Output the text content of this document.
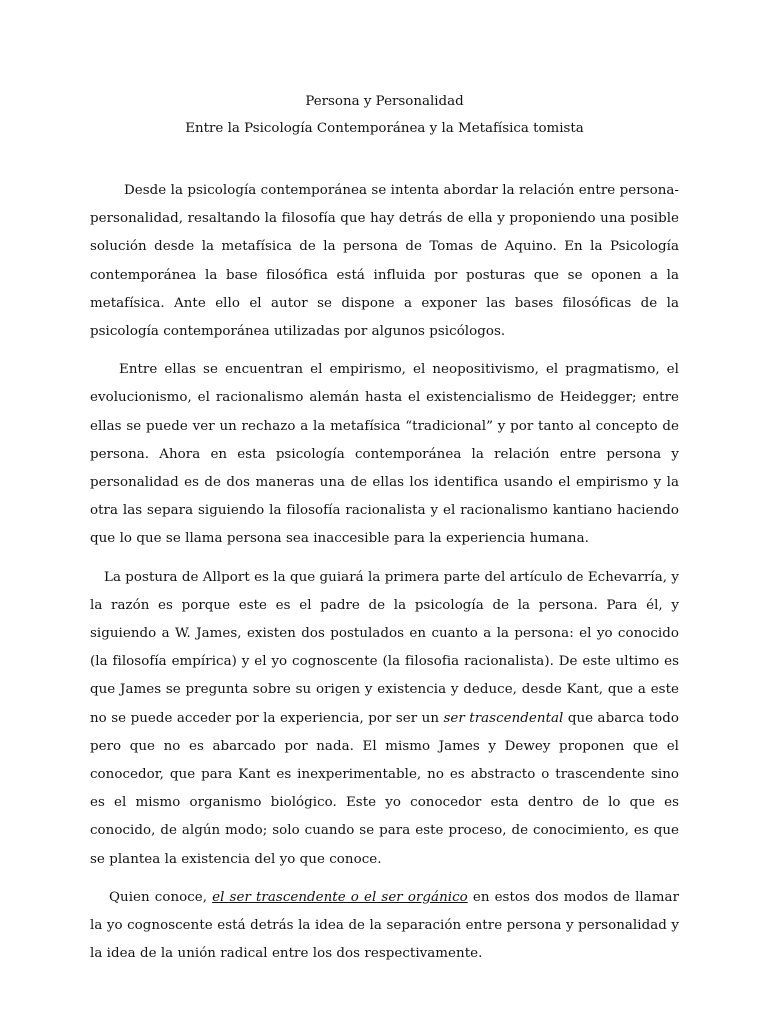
Persona y Personalidad

Entre la Psicología Contemporánea y la Metafísica tomista

Desde la psicología contemporánea se intenta abordar la relación entre persona-personalidad, resaltando la filosofía que hay detrás de ella y proponiendo una posible solución desde la metafísica de la persona de Tomas de Aquino. En la Psicología contemporánea la base filosófica está influida por posturas que se oponen a la metafísica. Ante ello el autor se dispone a exponer las bases filosóficas de la psicología contemporánea utilizadas por algunos psicólogos.

Entre ellas se encuentran el empirismo, el neopositivismo, el pragmatismo, el evolucionismo, el racionalismo alemán hasta el existencialismo de Heidegger; entre ellas se puede ver un rechazo a la metafísica “tradicional” y por tanto al concepto de persona. Ahora en esta psicología contemporánea la relación entre persona y personalidad es de dos maneras una de ellas los identifica usando el empirismo y la otra las separa siguiendo la filosofía racionalista y el racionalismo kantiano haciendo que lo que se llama persona sea inaccesible para la experiencia humana.

La postura de Allport es la que guiará la primera parte del artículo de Echevarría, y la razón es porque este es el padre de la psicología de la persona. Para él, y siguiendo a W. James, existen dos postulados en cuanto a la persona: el yo conocido (la filosofía empírica) y el yo cognoscente (la filosofia racionalista). De este ultimo es que James se pregunta sobre su origen y existencia y deduce, desde Kant, que a este no se puede acceder por la experiencia, por ser un ser trascendental que abarca todo pero que no es abarcado por nada. El mismo James y Dewey proponen que el conocedor, que para Kant es inexperimentable, no es abstracto o trascendente sino es el mismo organismo biológico. Este yo conocedor esta dentro de lo que es conocido, de algún modo; solo cuando se para este proceso, de conocimiento, es que se plantea la existencia del yo que conoce.

Quien conoce, el ser trascendente o el ser orgánico en estos dos modos de llamar la yo cognoscente está detrás la idea de la separación entre persona y personalidad y la idea de la unión radical entre los dos respectivamente.
